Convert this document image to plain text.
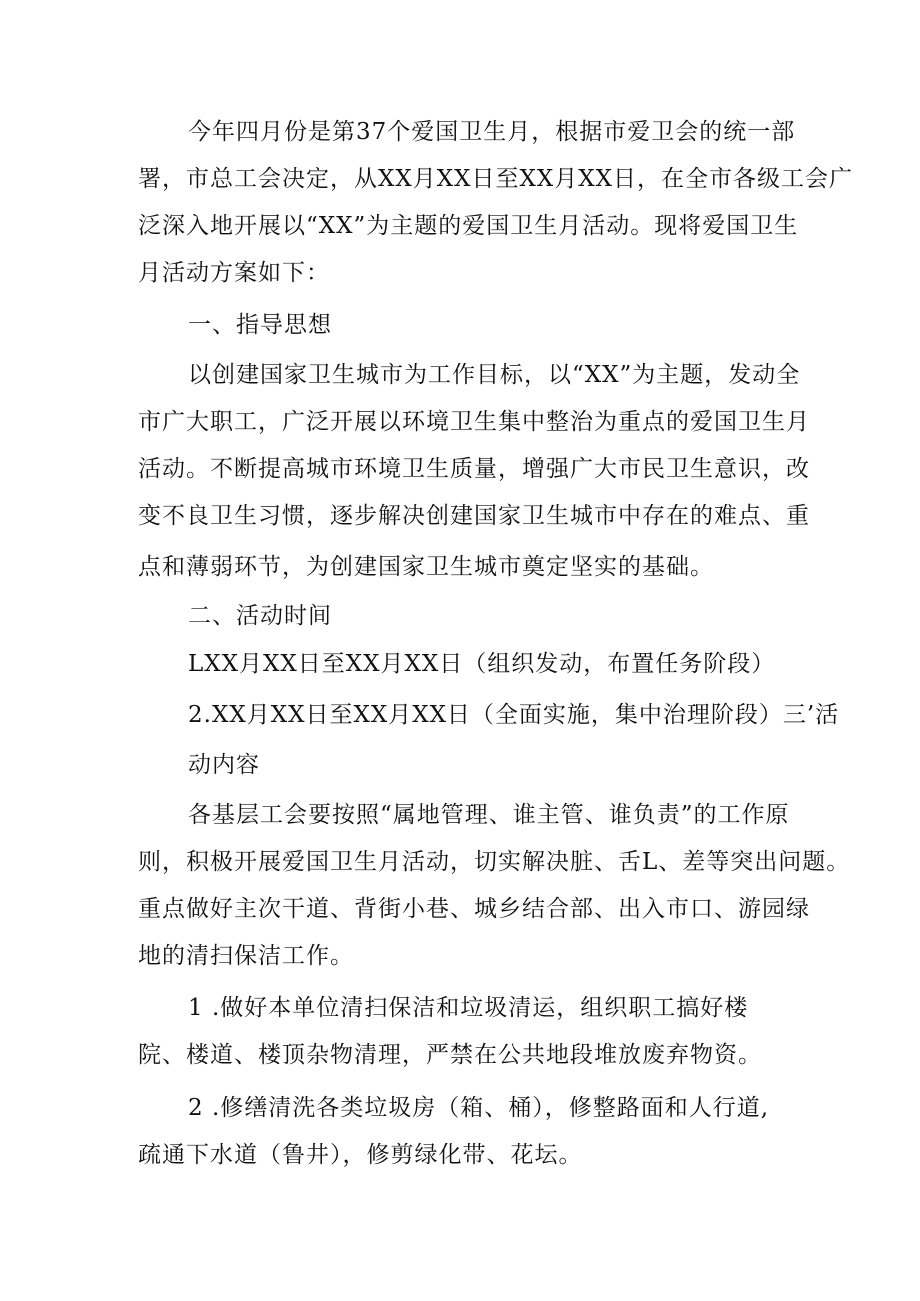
今年四月份是第37个爱国卫生月，根据市爱卫会的统一部
署，市总工会决定，从XX月XX日至XX月XX日，在全市各级工会广
泛深入地开展以“XX”为主题的爱国卫生月活动。现将爱国卫生
月活动方案如下：
一、指导思想
以创建国家卫生城市为工作目标，以“XX”为主题，发动全
市广大职工，广泛开展以环境卫生集中整治为重点的爱国卫生月
活动。不断提高城市环境卫生质量，增强广大市民卫生意识，改
变不良卫生习惯，逐步解决创建国家卫生城市中存在的难点、重
点和薄弱环节，为创建国家卫生城市奠定坚实的基础。
二、活动时间
LXX月XX日至XX月XX日（组织发动，布置任务阶段）
2.XX月XX日至XX月XX日（全面实施，集中治理阶段）三’活
动内容
各基层工会要按照“属地管理、谁主管、谁负责”的工作原
则，积极开展爱国卫生月活动，切实解决脏、舌L、差等突出问题。
重点做好主次干道、背街小巷、城乡结合部、出入市口、游园绿
地的清扫保洁工作。
1 .做好本单位清扫保洁和垃圾清运，组织职工搞好楼
院、楼道、楼顶杂物清理，严禁在公共地段堆放废弃物资。
2 .修缮清洗各类垃圾房（箱、桶），修整路面和人行道,
疏通下水道（鲁井），修剪绿化带、花坛。
